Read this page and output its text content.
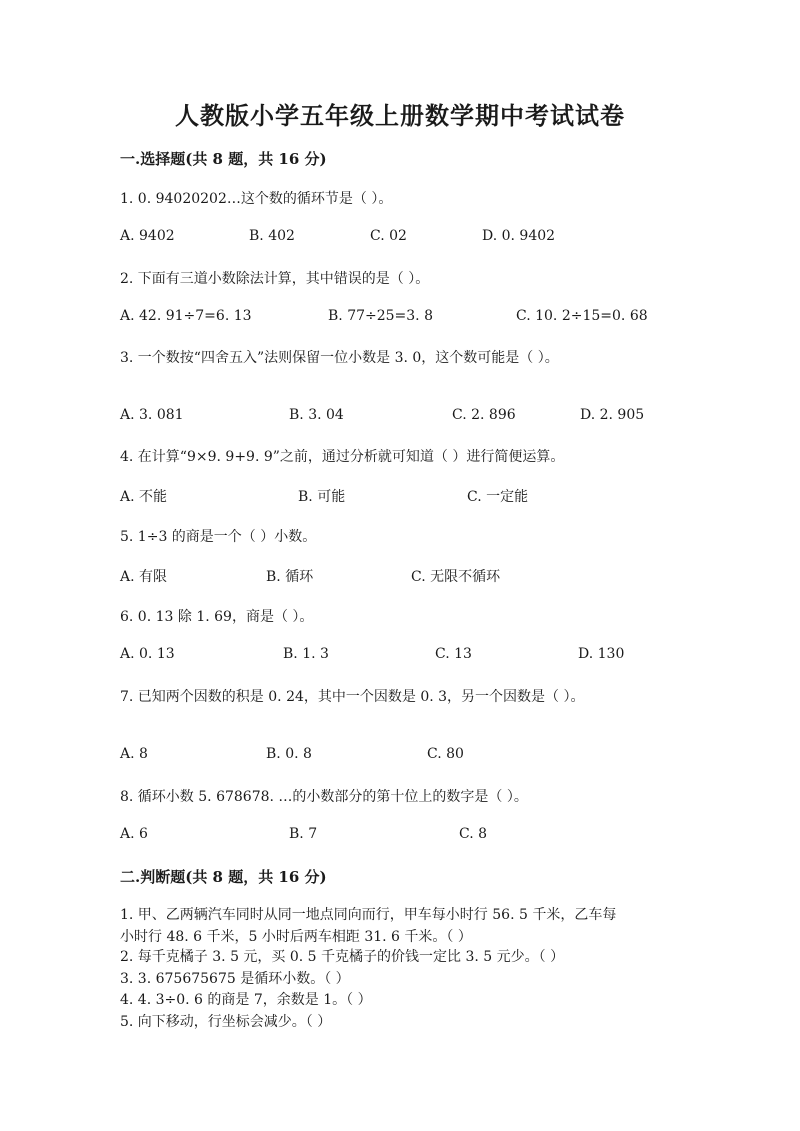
人教版小学五年级上册数学期中考试试卷
一.选择题(共 8 题，共 16 分)
1. 0. 94020202…这个数的循环节是（ ）。
A. 9402	B. 402	C. 02	D. 0. 9402
2. 下面有三道小数除法计算，其中错误的是（ ）。
A. 42. 91÷7=6. 13	B. 77÷25=3. 8	C. 10. 2÷15=0. 68
3. 一个数按“四舍五入”法则保留一位小数是 3. 0，这个数可能是（ ）。
A. 3. 081	B. 3. 04	C. 2. 896	D. 2. 905
4. 在计算“9×9. 9+9. 9”之前，通过分析就可知道（ ）进行简便运算。
A. 不能	B. 可能	C. 一定能
5. 1÷3 的商是一个（ ）小数。
A. 有限	B. 循环	C. 无限不循环
6. 0. 13 除 1. 69，商是（ ）。
A. 0. 13	B. 1. 3	C. 13	D. 130
7. 已知两个因数的积是 0. 24，其中一个因数是 0. 3，另一个因数是（ ）。
A. 8	B. 0. 8	C. 80
8. 循环小数 5. 678678. …的小数部分的第十位上的数字是（ ）。
A. 6	B. 7	C. 8
二.判断题(共 8 题，共 16 分)
1. 甲、乙两辆汽车同时从同一地点同向而行，甲车每小时行 56. 5 千米，乙车每
小时行 48. 6 千米，5 小时后两车相距 31. 6 千米。（ ）
2. 每千克橘子 3. 5 元，买 0. 5 千克橘子的价钱一定比 3. 5 元少。（ ）
3. 3. 675675675 是循环小数。（ ）
4. 4. 3÷0. 6 的商是 7，余数是 1。（ ）
5. 向下移动，行坐标会减少。（ ）
